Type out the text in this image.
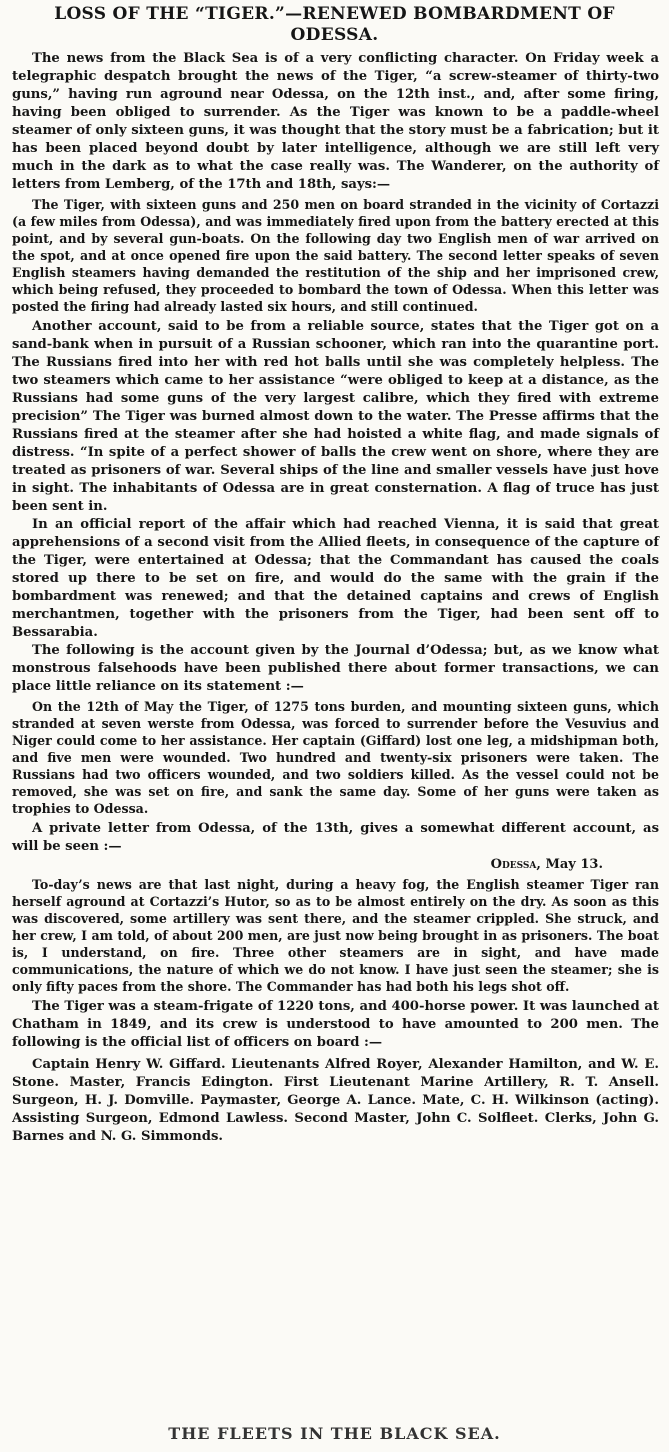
LOSS OF THE “TIGER.”—RENEWED BOMBARDMENT OF ODESSA.

The news from the Black Sea is of a very conflicting character. On Friday week a telegraphic despatch brought the news of the Tiger, “a screw-steamer of thirty-two guns,” having run aground near Odessa, on the 12th inst., and, after some firing, having been obliged to surrender. As the Tiger was known to be a paddle-wheel steamer of only sixteen guns, it was thought that the story must be a fabrication; but it has been placed beyond doubt by later intelligence, although we are still left very much in the dark as to what the case really was. The Wanderer, on the authority of letters from Lemberg, of the 17th and 18th, says:—

The Tiger, with sixteen guns and 250 men on board stranded in the vicinity of Cortazzi (a few miles from Odessa), and was immediately fired upon from the battery erected at this point, and by several gun-boats. On the following day two English men of war arrived on the spot, and at once opened fire upon the said battery. The second letter speaks of seven English steamers having demanded the restitution of the ship and her imprisoned crew, which being refused, they proceeded to bombard the town of Odessa. When this letter was posted the firing had already lasted six hours, and still continued.

Another account, said to be from a reliable source, states that the Tiger got on a sand-bank when in pursuit of a Russian schooner, which ran into the quarantine port. The Russians fired into her with red hot balls until she was completely helpless. The two steamers which came to her assistance “were obliged to keep at a distance, as the Russians had some guns of the very largest calibre, which they fired with extreme precision” The Tiger was burned almost down to the water. The Presse affirms that the Russians fired at the steamer after she had hoisted a white flag, and made signals of distress. “In spite of a perfect shower of balls the crew went on shore, where they are treated as prisoners of war. Several ships of the line and smaller vessels have just hove in sight. The inhabitants of Odessa are in great consternation. A flag of truce has just been sent in.

In an official report of the affair which had reached Vienna, it is said that great apprehensions of a second visit from the Allied fleets, in consequence of the capture of the Tiger, were entertained at Odessa; that the Commandant has caused the coals stored up there to be set on fire, and would do the same with the grain if the bombardment was renewed; and that the detained captains and crews of English merchantmen, together with the prisoners from the Tiger, had been sent off to Bessarabia.

The following is the account given by the Journal d’Odessa; but, as we know what monstrous falsehoods have been published there about former transactions, we can place little reliance on its statement :—

On the 12th of May the Tiger, of 1275 tons burden, and mounting sixteen guns, which stranded at seven werste from Odessa, was forced to surrender before the Vesuvius and Niger could come to her assistance. Her captain (Giffard) lost one leg, a midshipman both, and five men were wounded. Two hundred and twenty-six prisoners were taken. The Russians had two officers wounded, and two soldiers killed. As the vessel could not be removed, she was set on fire, and sank the same day. Some of her guns were taken as trophies to Odessa.

A private letter from Odessa, of the 13th, gives a somewhat different account, as will be seen :—

Odessa, May 13.

To-day’s news are that last night, during a heavy fog, the English steamer Tiger ran herself aground at Cortazzi’s Hutor, so as to be almost entirely on the dry. As soon as this was discovered, some artillery was sent there, and the steamer crippled. She struck, and her crew, I am told, of about 200 men, are just now being brought in as prisoners. The boat is, I understand, on fire. Three other steamers are in sight, and have made communications, the nature of which we do not know. I have just seen the steamer; she is only fifty paces from the shore. The Commander has had both his legs shot off.

The Tiger was a steam-frigate of 1220 tons, and 400-horse power. It was launched at Chatham in 1849, and its crew is understood to have amounted to 200 men. The following is the official list of officers on board :—

Captain Henry W. Giffard. Lieutenants Alfred Royer, Alexander Hamilton, and W. E. Stone. Master, Francis Edington. First Lieutenant Marine Artillery, R. T. Ansell. Surgeon, H. J. Domville. Paymaster, George A. Lance. Mate, C. H. Wilkinson (acting). Assisting Surgeon, Edmond Lawless. Second Master, John C. Solfleet. Clerks, John G. Barnes and N. G. Simmonds.

THE FLEETS IN THE BLACK SEA.
